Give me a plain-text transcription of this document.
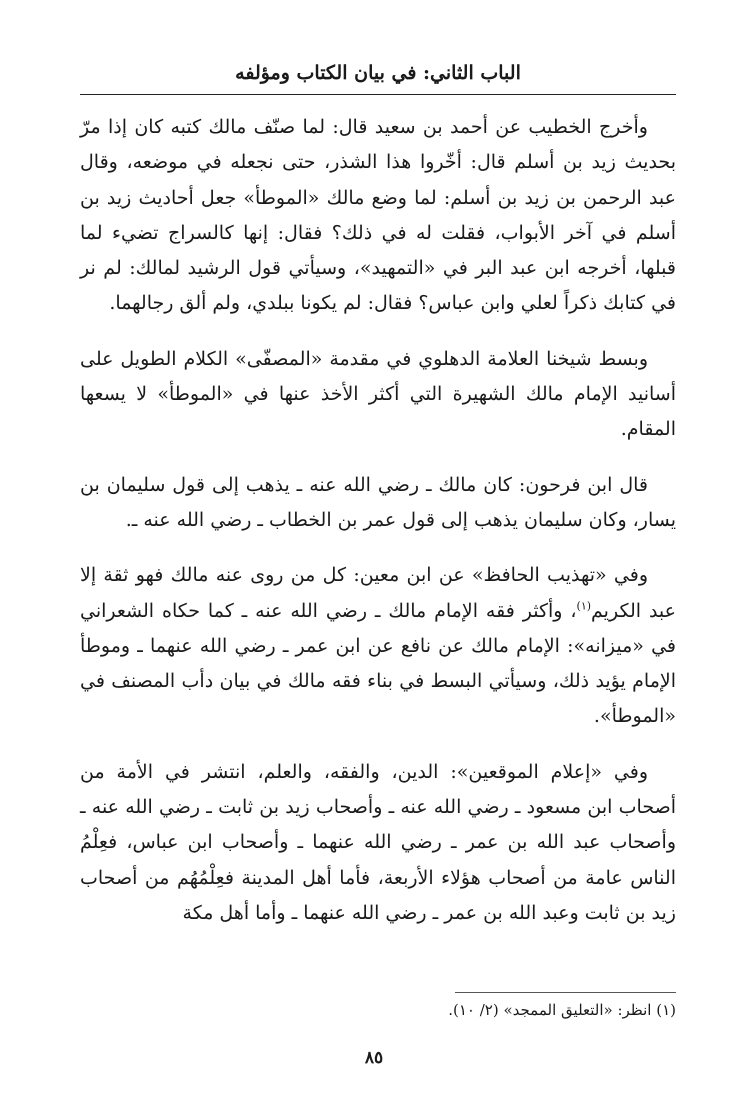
الباب الثاني: في بيان الكتاب ومؤلفه

وأخرج الخطيب عن أحمد بن سعيد قال: لما صنّف مالك كتبه كان إذا مرّ بحديث زيد بن أسلم قال: أخّروا هذا الشذر، حتى نجعله في موضعه، وقال عبد الرحمن بن زيد بن أسلم: لما وضع مالك «الموطأ» جعل أحاديث زيد بن أسلم في آخر الأبواب، فقلت له في ذلك؟ فقال: إنها كالسراج تضيء لما قبلها، أخرجه ابن عبد البر في «التمهيد»، وسيأتي قول الرشيد لمالك: لم نر في كتابك ذكراً لعلي وابن عباس؟ فقال: لم يكونا ببلدي، ولم ألق رجالهما.

وبسط شيخنا العلامة الدهلوي في مقدمة «المصفّى» الكلام الطويل على أسانيد الإمام مالك الشهيرة التي أكثر الأخذ عنها في «الموطأ» لا يسعها المقام.

قال ابن فرحون: كان مالك ـ رضي الله عنه ـ يذهب إلى قول سليمان بن يسار، وكان سليمان يذهب إلى قول عمر بن الخطاب ـ رضي الله عنه ـ.

وفي «تهذيب الحافظ» عن ابن معين: كل من روى عنه مالك فهو ثقة إلا عبد الكريم$^{(١)}$، وأكثر فقه الإمام مالك ـ رضي الله عنه ـ كما حكاه الشعراني في «ميزانه»: الإمام مالك عن نافع عن ابن عمر ـ رضي الله عنهما ـ وموطأ الإمام يؤيد ذلك، وسيأتي البسط في بناء فقه مالك في بيان دأب المصنف في «الموطأ».

وفي «إعلام الموقعين»: الدين، والفقه، والعلم، انتشر في الأمة من أصحاب ابن مسعود ـ رضي الله عنه ـ وأصحاب زيد بن ثابت ـ رضي الله عنه ـ وأصحاب عبد الله بن عمر ـ رضي الله عنهما ـ وأصحاب ابن عباس، فعِلْمُ الناس عامة من أصحاب هؤلاء الأربعة، فأما أهل المدينة فعِلْمُهُم من أصحاب زيد بن ثابت وعبد الله بن عمر ـ رضي الله عنهما ـ وأما أهل مكة

(١) انظر: «التعليق الممجد» (٢/ ١٠).
٨٥
